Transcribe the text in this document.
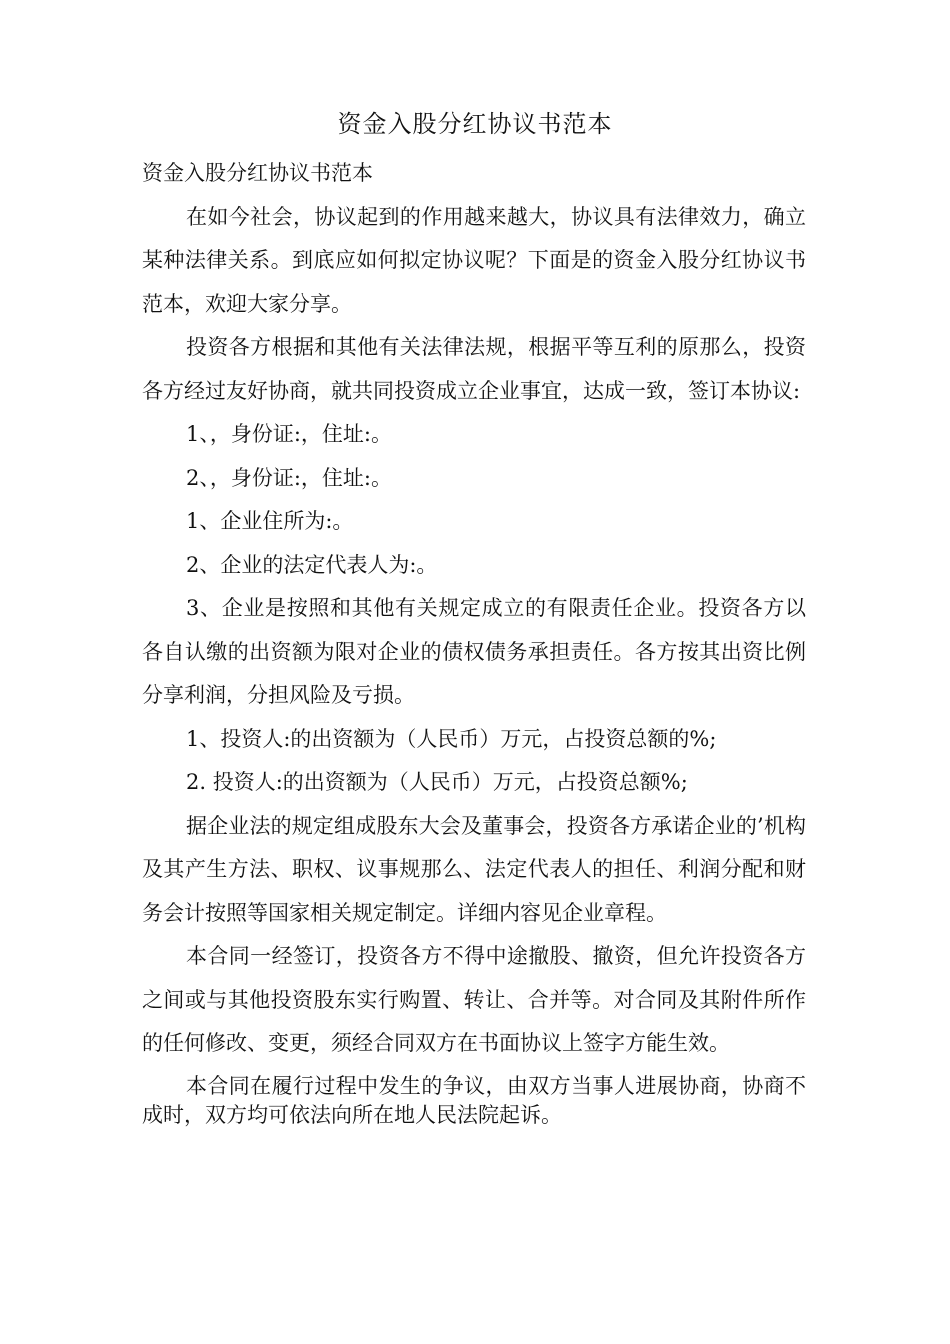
资金入股分红协议书范本

资金入股分红协议书范本

在如今社会，协议起到的作用越来越大，协议具有法律效力，确立某种法律关系。到底应如何拟定协议呢？下面是的资金入股分红协议书范本，欢迎大家分享。

投资各方根据和其他有关法律法规，根据平等互利的原那么，投资各方经过友好协商，就共同投资成立企业事宜，达成一致，签订本协议:

1、，身份证:，住址:。

2、，身份证:，住址:。

1、企业住所为:。

2、企业的法定代表人为:。

3、企业是按照和其他有关规定成立的有限责任企业。投资各方以各自认缴的出资额为限对企业的债权债务承担责任。各方按其出资比例分享利润，分担风险及亏损。

1、投资人:的出资额为（人民币）万元，占投资总额的%;

2. 投资人:的出资额为（人民币）万元，占投资总额%;

据企业法的规定组成股东大会及董事会，投资各方承诺企业的’机构及其产生方法、职权、议事规那么、法定代表人的担任、利润分配和财务会计按照等国家相关规定制定。详细内容见企业章程。

本合同一经签订，投资各方不得中途撤股、撤资，但允许投资各方之间或与其他投资股东实行购置、转让、合并等。对合同及其附件所作的任何修改、变更，须经合同双方在书面协议上签字方能生效。

本合同在履行过程中发生的争议，由双方当事人进展协商，协商不成时，双方均可依法向所在地人民法院起诉。
